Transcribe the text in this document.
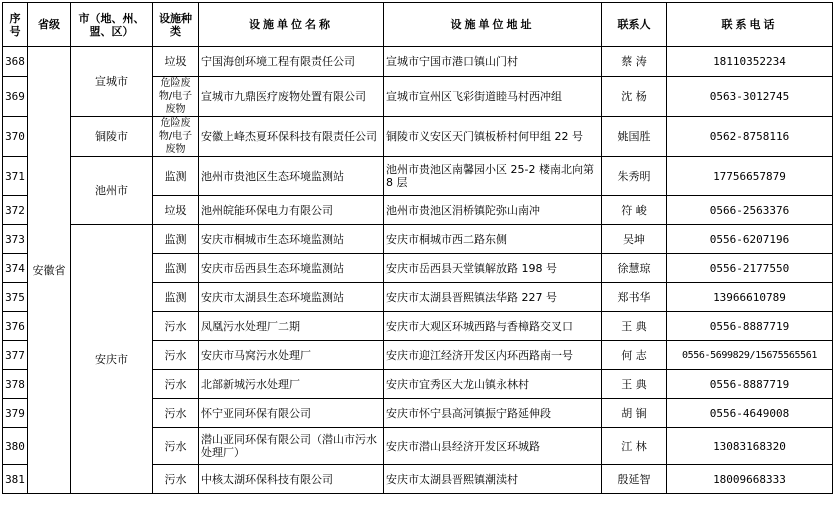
序号	省级	市（地、州、盟、区）	设施种类	设施单位名称	设施单位地址	联系人	联系电话
368	安徽省	宣城市	垃圾	宁国海创环境工程有限责任公司	宣城市宁国市港口镇山门村	蔡 涛	18110352234
369			危险废物/电子废物	宣城市九鼎医疗废物处置有限公司	宣城市宣州区飞彩街道睦马村西冲组	沈 杨	0563-3012745
370		铜陵市	危险废物/电子废物	安徽上峰杰夏环保科技有限责任公司	铜陵市义安区天门镇板桥村何甲组 22 号	姚国胜	0562-8758116
371		池州市	监测	池州市贵池区生态环境监测站	池州市贵池区南馨园小区 25-2 楼南北向第 8 层	朱秀明	17756657879
372			垃圾	池州皖能环保电力有限公司	池州市贵池区涓桥镇陀弥山南冲	符 峻	0566-2563376
373		安庆市	监测	安庆市桐城市生态环境监测站	安庆市桐城市西二路东侧	吴坤	0556-6207196
374			监测	安庆市岳西县生态环境监测站	安庆市岳西县天堂镇解放路 198 号	徐慧琼	0556-2177550
375			监测	安庆市太湖县生态环境监测站	安庆市太湖县晋熙镇法华路 227 号	郑书华	13966610789
376			污水	凤凰污水处理厂二期	安庆市大观区环城西路与香樟路交叉口	王 典	0556-8887719
377			污水	安庆市马窝污水处理厂	安庆市迎江经济开发区内环西路南一号	何 志	0556-5699829/15675565561
378			污水	北部新城污水处理厂	安庆市宜秀区大龙山镇永林村	王 典	0556-8887719
379			污水	怀宁亚同环保有限公司	安庆市怀宁县高河镇振宁路延伸段	胡 锏	0556-4649008
380			污水	潜山亚同环保有限公司（潜山市污水处理厂）	安庆市潜山县经济开发区环城路	江 林	13083168320
381			污水	中核太湖环保科技有限公司	安庆市太湖县晋熙镇潮渎村	殷延智	18009668333
